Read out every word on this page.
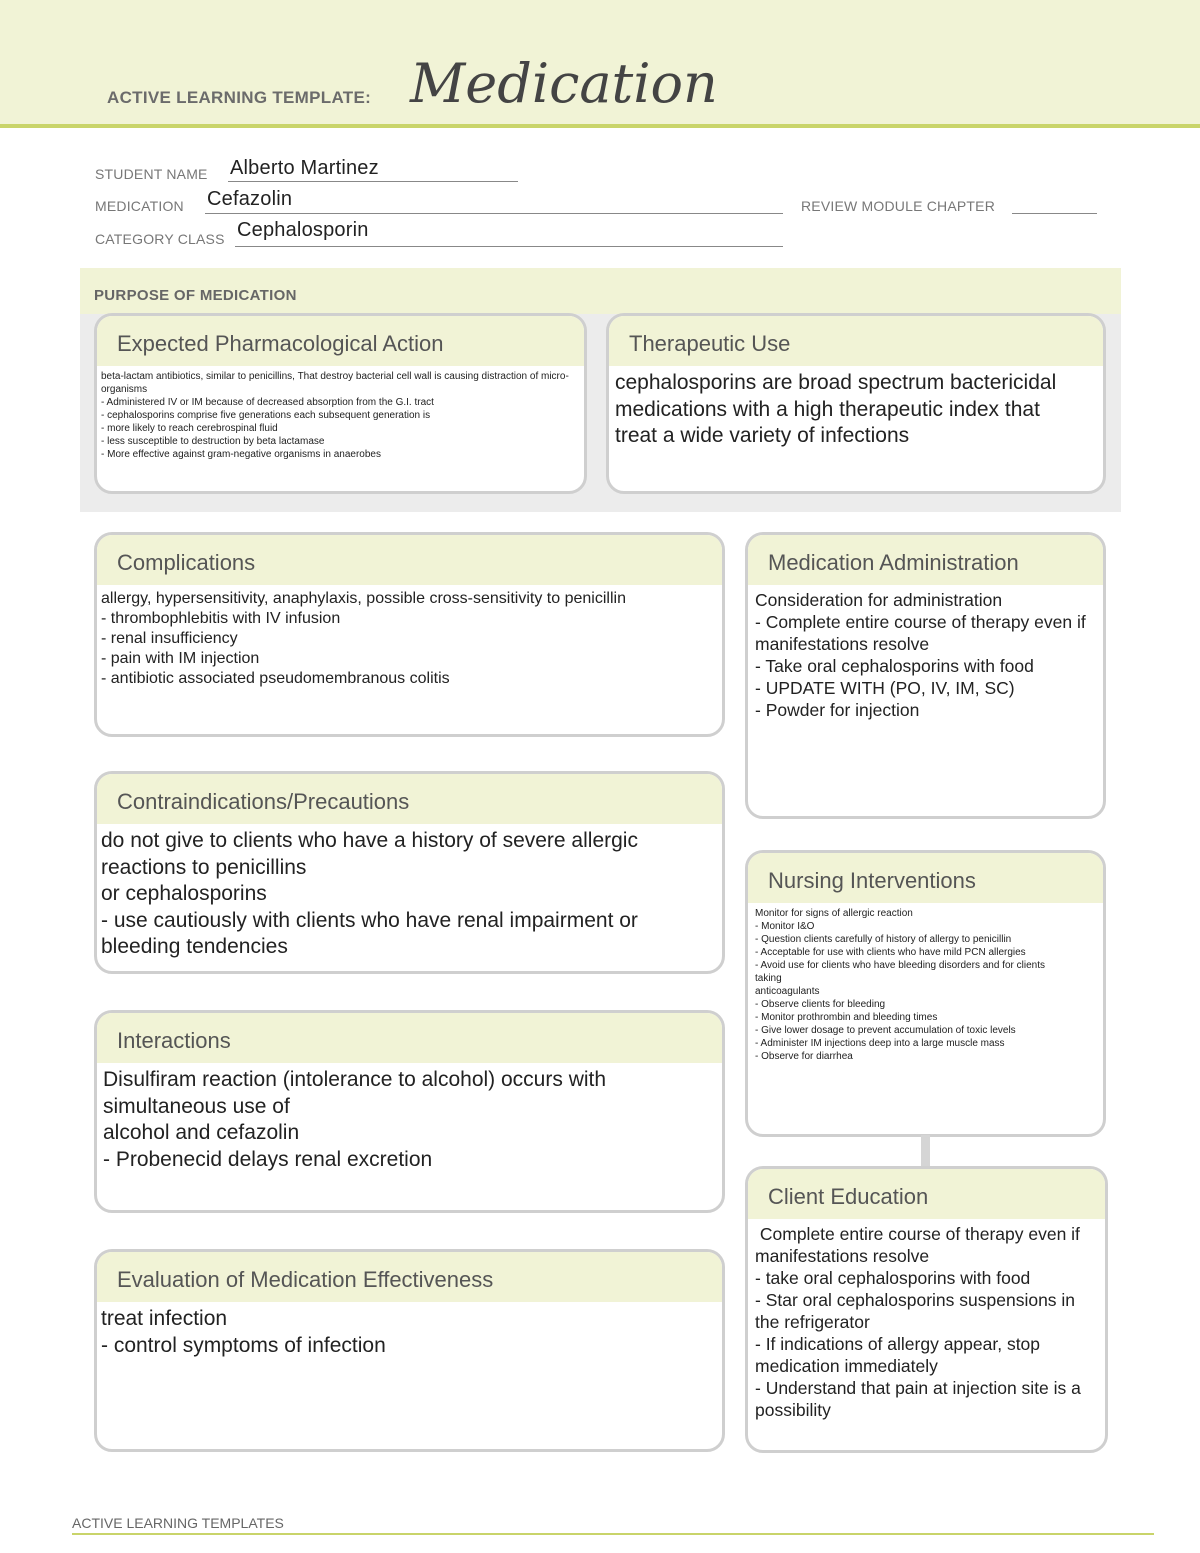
ACTIVE LEARNING TEMPLATE: Medication
STUDENT NAME Alberto Martinez
MEDICATION Cefazolin	REVIEW MODULE CHAPTER
CATEGORY CLASS Cephalosporin
PURPOSE OF MEDICATION
Expected Pharmacological Action
beta-lactam antibiotics, similar to penicillins, That destroy bacterial cell wall is causing distraction of micro-organisms
- Administered IV or IM because of decreased absorption from the G.I. tract
- cephalosporins comprise five generations each subsequent generation is
- more likely to reach cerebrospinal fluid
- less susceptible to destruction by beta lactamase
- More effective against gram-negative organisms in anaerobes
Therapeutic Use
cephalosporins are broad spectrum bactericidal medications with a high therapeutic index that treat a wide variety of infections
Complications
allergy, hypersensitivity, anaphylaxis, possible cross-sensitivity to penicillin
- thrombophlebitis with IV infusion
- renal insufficiency
- pain with IM injection
- antibiotic associated pseudomembranous colitis
Contraindications/Precautions
do not give to clients who have a history of severe allergic reactions to penicillins
or cephalosporins
- use cautiously with clients who have renal impairment or bleeding tendencies
Interactions
Disulfiram reaction (intolerance to alcohol) occurs with simultaneous use of
alcohol and cefazolin
- Probenecid delays renal excretion
Evaluation of Medication Effectiveness
treat infection
- control symptoms of infection
Medication Administration
Consideration for administration
- Complete entire course of therapy even if manifestations resolve
- Take oral cephalosporins with food
- UPDATE WITH (PO, IV, IM, SC)
- Powder for injection
Nursing Interventions
Monitor for signs of allergic reaction
- Monitor I&O
- Question clients carefully of history of allergy to penicillin
- Acceptable for use with clients who have mild PCN allergies
- Avoid use for clients who have bleeding disorders and for clients taking
anticoagulants
- Observe clients for bleeding
- Monitor prothrombin and bleeding times
- Give lower dosage to prevent accumulation of toxic levels
- Administer IM injections deep into a large muscle mass
- Observe for diarrhea
Client Education
Complete entire course of therapy even if manifestations resolve
- take oral cephalosporins with food
- Star oral cephalosporins suspensions in the refrigerator
- If indications of allergy appear, stop medication immediately
- Understand that pain at injection site is a possibility
ACTIVE LEARNING TEMPLATES
